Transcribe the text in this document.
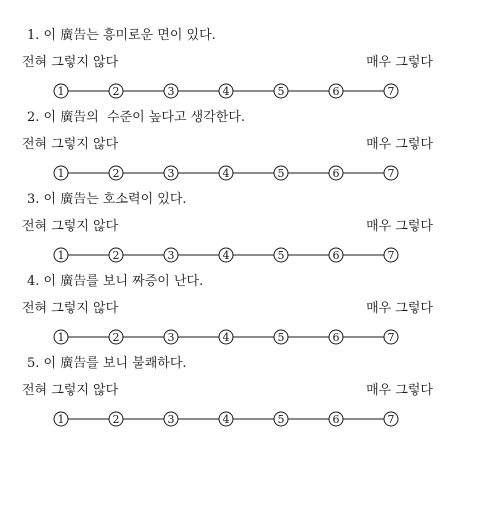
1. 이 廣告는 흥미로운 면이 있다.
전혀 그렇지 않다	매우 그렇다
1	2	3	4	5	6	7
2. 이 廣告의  수준이 높다고 생각한다.
전혀 그렇지 않다	매우 그렇다
1	2	3	4	5	6	7
3. 이 廣告는 호소력이 있다.
전혀 그렇지 않다	매우 그렇다
1	2	3	4	5	6	7
4. 이 廣告를 보니 짜증이 난다.
전혀 그렇지 않다	매우 그렇다
1	2	3	4	5	6	7
5. 이 廣告를 보니 불쾌하다.
전혀 그렇지 않다	매우 그렇다
1	2	3	4	5	6	7
